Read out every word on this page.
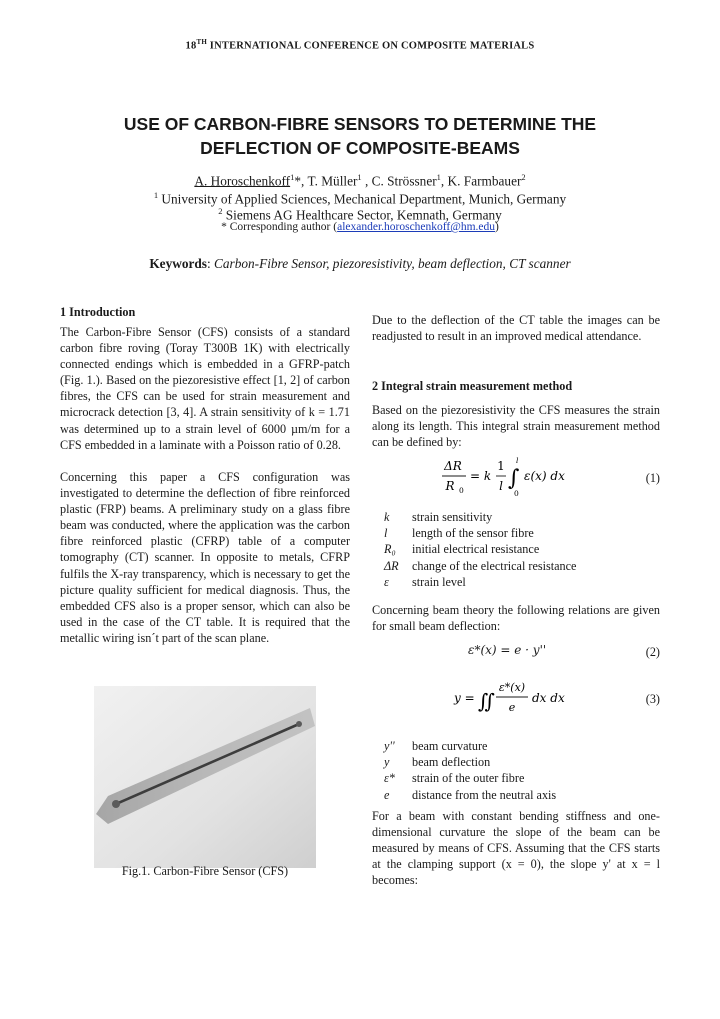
18TH INTERNATIONAL CONFERENCE ON COMPOSITE MATERIALS
USE OF CARBON-FIBRE SENSORS TO DETERMINE THE
DEFLECTION OF COMPOSITE-BEAMS
A. Horoschenkoff$^1$*, T. Müller$^1$ , C. Strössner$^1$, K. Farmbauer$^2$
$^1$ University of Applied Sciences, Mechanical Department, Munich, Germany
$^2$ Siemens AG Healthcare Sector, Kemnath, Germany
* Corresponding author (alexander.horoschenkoff@hm.edu)
Keywords: Carbon-Fibre Sensor, piezoresistivity, beam deflection, CT scanner
1 Introduction
The Carbon-Fibre Sensor (CFS) consists of a standard carbon fibre roving (Toray T300B 1K) with electrically connected endings which is embedded in a GFRP-patch (Fig. 1.). Based on the piezoresistive effect [1, 2] of carbon fibres, the CFS can be used for strain measurement and microcrack detection [3, 4]. A strain sensitivity of k = 1.71 was determined up to a strain level of 6000 µm/m for a CFS embedded in a laminate with a Poisson ratio of 0.28.
Concerning this paper a CFS configuration was investigated to determine the deflection of fibre reinforced plastic (FRP) beams. A preliminary study on a glass fibre beam was conducted, where the application was the carbon fibre reinforced plastic (CFRP) table of a computer tomography (CT) scanner. In opposite to metals, CFRP fulfils the X-ray transparency, which is necessary to get the picture quality sufficient for medical diagnosis. Thus, the embedded CFS also is a proper sensor, which can also be used in the case of the CT table. It is required that the metallic wiring isn´t part of the scan plane.
Fig.1. Carbon-Fibre Sensor (CFS)
Due to the deflection of the CT table the images can be readjusted to result in an improved medical attendance.
2 Integral strain measurement method
Based on the piezoresistivity the CFS measures the strain along its length. This integral strain measurement method can be defined by:
ΔR
R 0
= k
1
l ∫
l
0
ε(x) dx	(1)
k	strain sensitivity
l	length of the sensor fibre
R₀	initial electrical resistance
ΔR	change of the electrical resistance
ε	strain level
Concerning beam theory the following relations are given for small beam deflection:
ε*(x) = e · y''	(2)
y = ∬
ε*(x)
e
dx dx	(3)
y''	beam curvature
y	beam deflection
ε*	strain of the outer fibre
e	distance from the neutral axis
For a beam with constant bending stiffness and one-dimensional curvature the slope of the beam can be measured by means of CFS. Assuming that the CFS starts at the clamping support (x = 0), the slope y' at x = l becomes:
